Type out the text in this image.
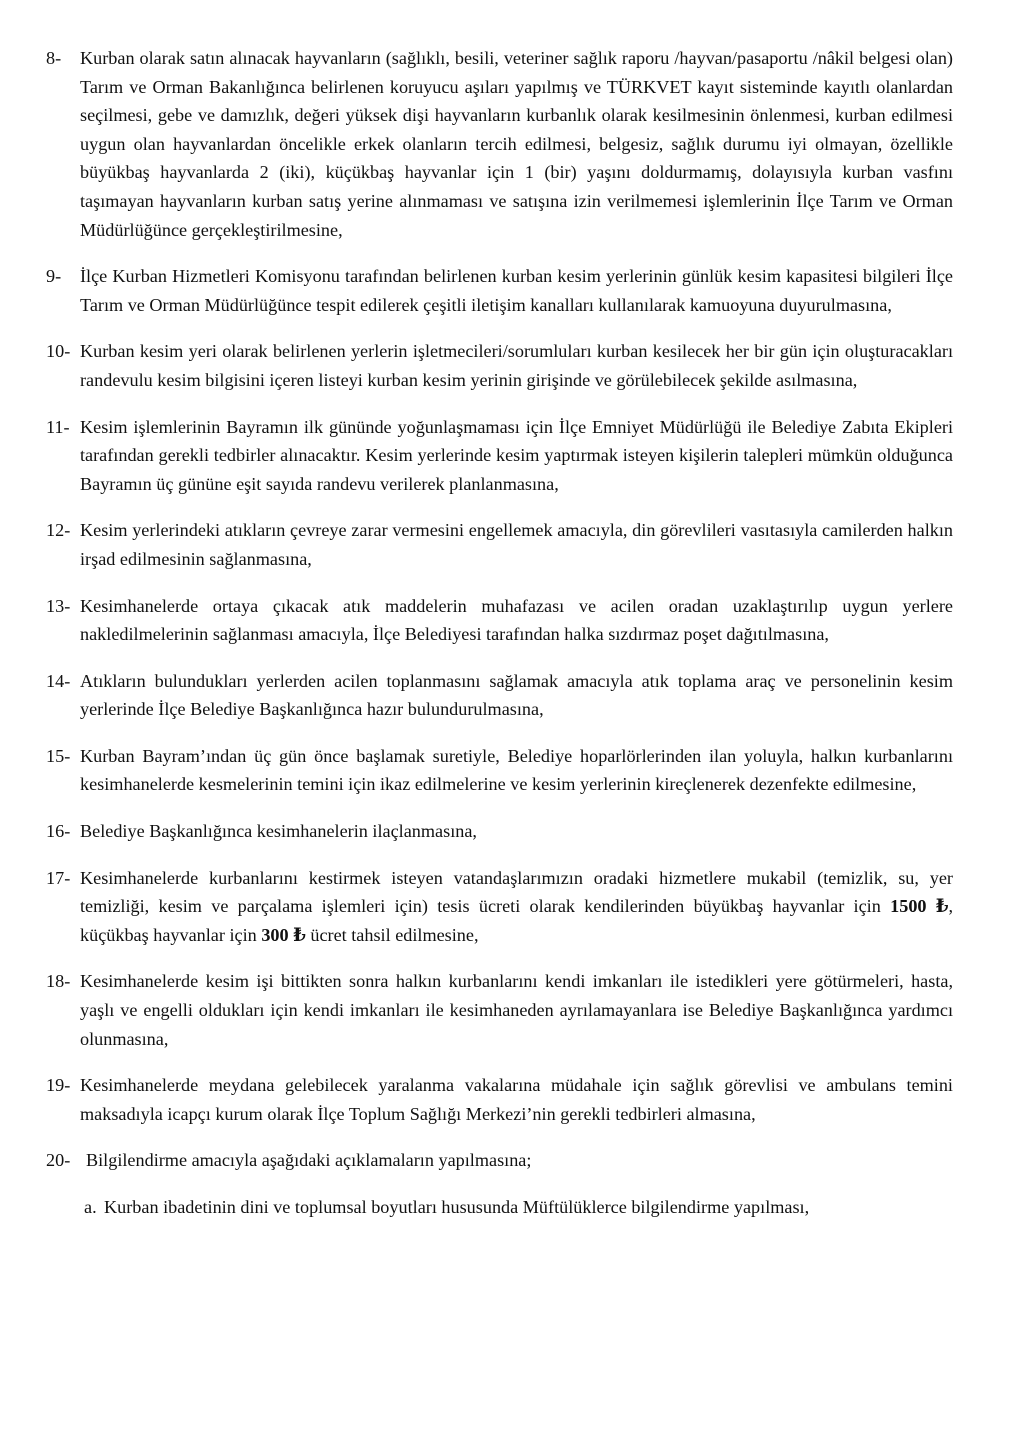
8-	Kurban olarak satın alınacak hayvanların (sağlıklı, besili, veteriner sağlık raporu /hayvan/pasaportu /nâkil belgesi olan) Tarım ve Orman Bakanlığınca belirlenen koruyucu aşıları yapılmış ve TÜRKVET kayıt sisteminde kayıtlı olanlardan seçilmesi, gebe ve damızlık, değeri yüksek dişi hayvanların kurbanlık olarak kesilmesinin önlenmesi, kurban edilmesi uygun olan hayvanlardan öncelikle erkek olanların tercih edilmesi, belgesiz, sağlık durumu iyi olmayan, özellikle büyükbaş hayvanlarda 2 (iki), küçükbaş hayvanlar için 1 (bir) yaşını doldurmamış, dolayısıyla kurban vasfını taşımayan hayvanların kurban satış yerine alınmaması ve satışına izin verilmemesi işlemlerinin İlçe Tarım ve Orman Müdürlüğünce gerçekleştirilmesine,
9-	İlçe Kurban Hizmetleri Komisyonu tarafından belirlenen kurban kesim yerlerinin günlük kesim kapasitesi bilgileri İlçe Tarım ve Orman Müdürlüğünce tespit edilerek çeşitli iletişim kanalları kullanılarak kamuoyuna duyurulmasına,
10- Kurban kesim yeri olarak belirlenen yerlerin işletmecileri/sorumluları kurban kesilecek her bir gün için oluşturacakları randevulu kesim bilgisini içeren listeyi kurban kesim yerinin girişinde ve görülebilecek şekilde asılmasına,
11- Kesim işlemlerinin Bayramın ilk gününde yoğunlaşmaması için İlçe Emniyet Müdürlüğü ile Belediye Zabıta Ekipleri tarafından gerekli tedbirler alınacaktır. Kesim yerlerinde kesim yaptırmak isteyen kişilerin talepleri mümkün olduğunca Bayramın üç gününe eşit sayıda randevu verilerek planlanmasına,
12- Kesim yerlerindeki atıkların çevreye zarar vermesini engellemek amacıyla, din görevlileri vasıtasıyla camilerden halkın irşad edilmesinin sağlanmasına,
13- Kesimhanelerde ortaya çıkacak atık maddelerin muhafazası ve acilen oradan uzaklaştırılıp uygun yerlere nakledilmelerinin sağlanması amacıyla, İlçe Belediyesi tarafından halka sızdırmaz poşet dağıtılmasına,
14- Atıkların bulundukları yerlerden acilen toplanmasını sağlamak amacıyla atık toplama araç ve personelinin kesim yerlerinde İlçe Belediye Başkanlığınca hazır bulundurulmasına,
15- Kurban Bayram’ından üç gün önce başlamak suretiyle, Belediye hoparlörlerinden ilan yoluyla, halkın kurbanlarını kesimhanelerde kesmelerinin temini için ikaz edilmelerine ve kesim yerlerinin kireçlenerek dezenfekte edilmesine,
16- Belediye Başkanlığınca kesimhanelerin ilaçlanmasına,
17- Kesimhanelerde kurbanlarını kestirmek isteyen vatandaşlarımızın oradaki hizmetlere mukabil (temizlik, su, yer temizliği, kesim ve parçalama işlemleri için) tesis ücreti olarak kendilerinden büyükbaş hayvanlar için 1500 ₺, küçükbaş hayvanlar için 300 ₺ ücret tahsil edilmesine,
18- Kesimhanelerde kesim işi bittikten sonra halkın kurbanlarını kendi imkanları ile istedikleri yere götürmeleri, hasta, yaşlı ve engelli oldukları için kendi imkanları ile kesimhaneden ayrılamayanlara ise Belediye Başkanlığınca yardımcı olunmasına,
19- Kesimhanelerde meydana gelebilecek yaralanma vakalarına müdahale için sağlık görevlisi ve ambulans temini maksadıyla icapçı kurum olarak İlçe Toplum Sağlığı Merkezi’nin gerekli tedbirleri almasına,
20- Bilgilendirme amacıyla aşağıdaki açıklamaların yapılmasına;
a. Kurban ibadetinin dini ve toplumsal boyutları hususunda Müftülüklerce bilgilendirme yapılması,
